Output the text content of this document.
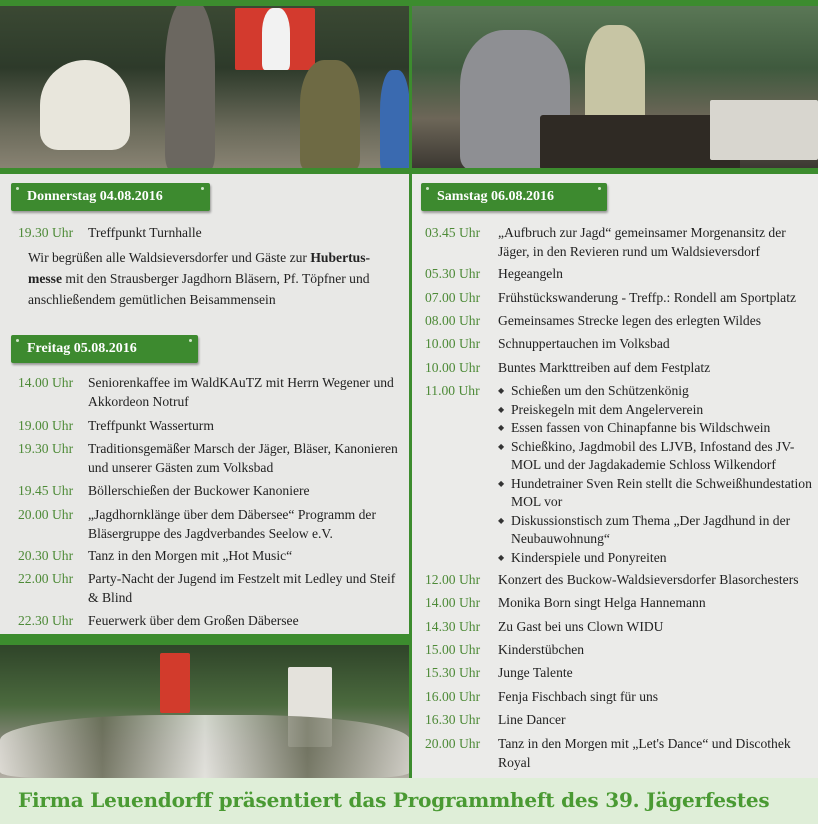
Donnerstag 04.08.2016
19.30 Uhr	Treffpunkt Turnhalle
Wir begrüßen alle Waldsieversdorfer und Gäste zur Hubertus-messe mit den Strausberger Jagdhorn Bläsern, Pf. Töpfner und anschließendem gemütlichen Beisammensein
Freitag 05.08.2016
14.00 Uhr	Seniorenkaffee im WaldKAuTZ mit Herrn Wegener und Akkordeon Notruf
19.00 Uhr	Treffpunkt Wasserturm
19.30 Uhr	Traditionsgemäßer Marsch der Jäger, Bläser, Kanonieren und unserer Gästen zum Volksbad
19.45 Uhr	Böllerschießen der Buckower Kanoniere
20.00 Uhr	„Jagdhornklänge über dem Däbersee“ Programm der Bläsergruppe des Jagdverbandes Seelow e.V.
20.30 Uhr	Tanz in den Morgen mit „Hot Music“
22.00 Uhr	Party-Nacht der Jugend im Festzelt mit Ledley und Steif & Blind
22.30 Uhr	Feuerwerk über dem Großen Däbersee
Samstag 06.08.2016
03.45 Uhr	„Aufbruch zur Jagd“ gemeinsamer Morgenansitz der Jäger, in den Revieren rund um Waldsieversdorf
05.30 Uhr	Hegeangeln
07.00 Uhr	Frühstückswanderung - Treffp.: Rondell am Sportplatz
08.00 Uhr	Gemeinsames Strecke legen des erlegten Wildes
10.00 Uhr	Schnuppertauchen im Volksbad
10.00 Uhr	Buntes Markttreiben auf dem Festplatz
11.00 Uhr	◆ Schießen um den Schützenkönig
◆ Preiskegeln mit dem Angelerverein
◆ Essen fassen von Chinapfanne bis Wildschwein
◆ Schießkino, Jagdmobil des LJVB, Infostand des JV-MOL und der Jagdakademie Schloss Wilkendorf
◆ Hundetrainer Sven Rein stellt die Schweißhundestation MOL vor
◆ Diskussionstisch zum Thema „Der Jagdhund in der Neubauwohnung“
◆ Kinderspiele und Ponyreiten
12.00 Uhr	Konzert des Buckow-Waldsieversdorfer Blasorchesters
14.00 Uhr	Monika Born singt Helga Hannemann
14.30 Uhr	Zu Gast bei uns Clown WIDU
15.00 Uhr	Kinderstübchen
15.30 Uhr	Junge Talente
16.00 Uhr	Fenja Fischbach singt für uns
16.30 Uhr	Line Dancer
20.00 Uhr	Tanz in den Morgen mit „Let's Dance“ und Discothek Royal
Firma Leuendorff präsentiert das Programmheft des 39. Jägerfestes
